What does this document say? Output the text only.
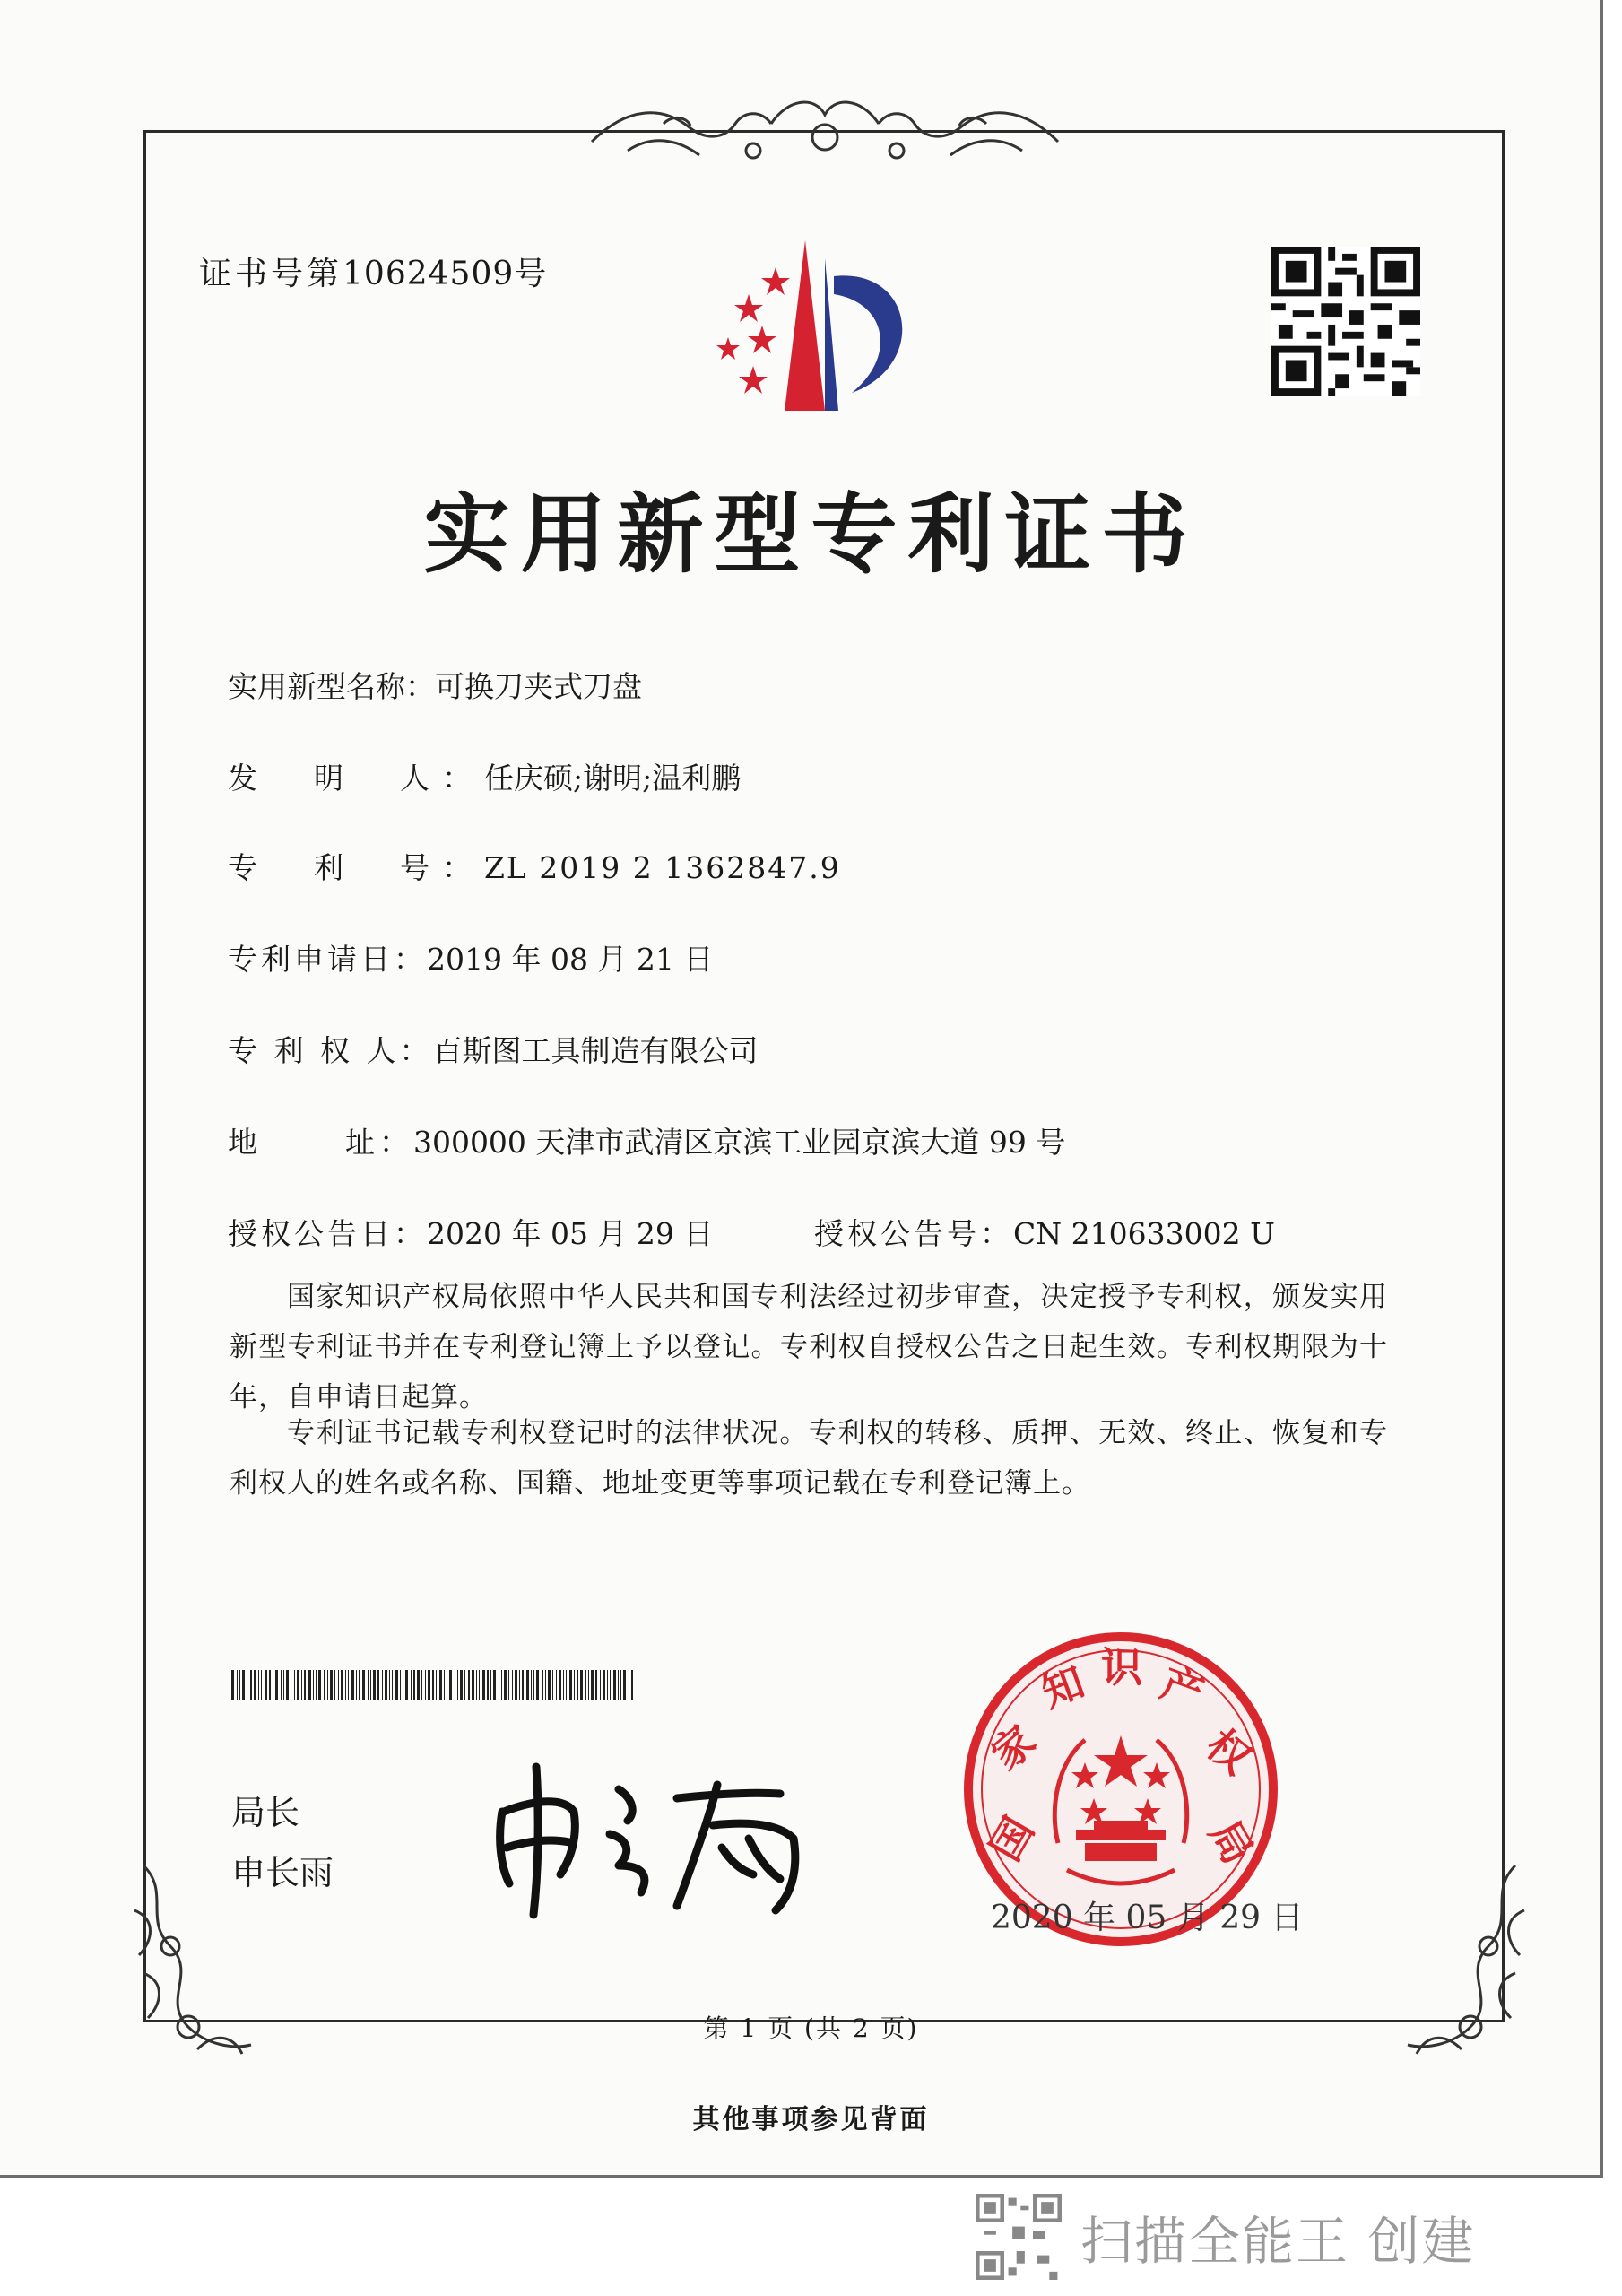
证书号第10624509号
实用新型专利证书
实用新型名称：可换刀夹式刀盘
发  明  人：任庆硕;谢明;温利鹏
专  利  号：ZL 2019 2 1362847.9
专利申请日：2019 年 08 月 21 日
专 利 权 人：百斯图工具制造有限公司
地      址：300000 天津市武清区京滨工业园京滨大道 99 号
授权公告日：2020 年 05 月 29 日	授权公告号：CN 210633002 U
国家知识产权局依照中华人民共和国专利法经过初步审查，决定授予专利权，颁发实用新型专利证书并在专利登记簿上予以登记。专利权自授权公告之日起生效。专利权期限为十年，自申请日起算。
专利证书记载专利权登记时的法律状况。专利权的转移、质押、无效、终止、恢复和专利权人的姓名或名称、国籍、地址变更等事项记载在专利登记簿上。
局长
申长雨
国
家
知 识 产
权
局
2020 年 05 月 29 日
第 1 页 (共 2 页)
其他事项参见背面
扫描全能王 创建
